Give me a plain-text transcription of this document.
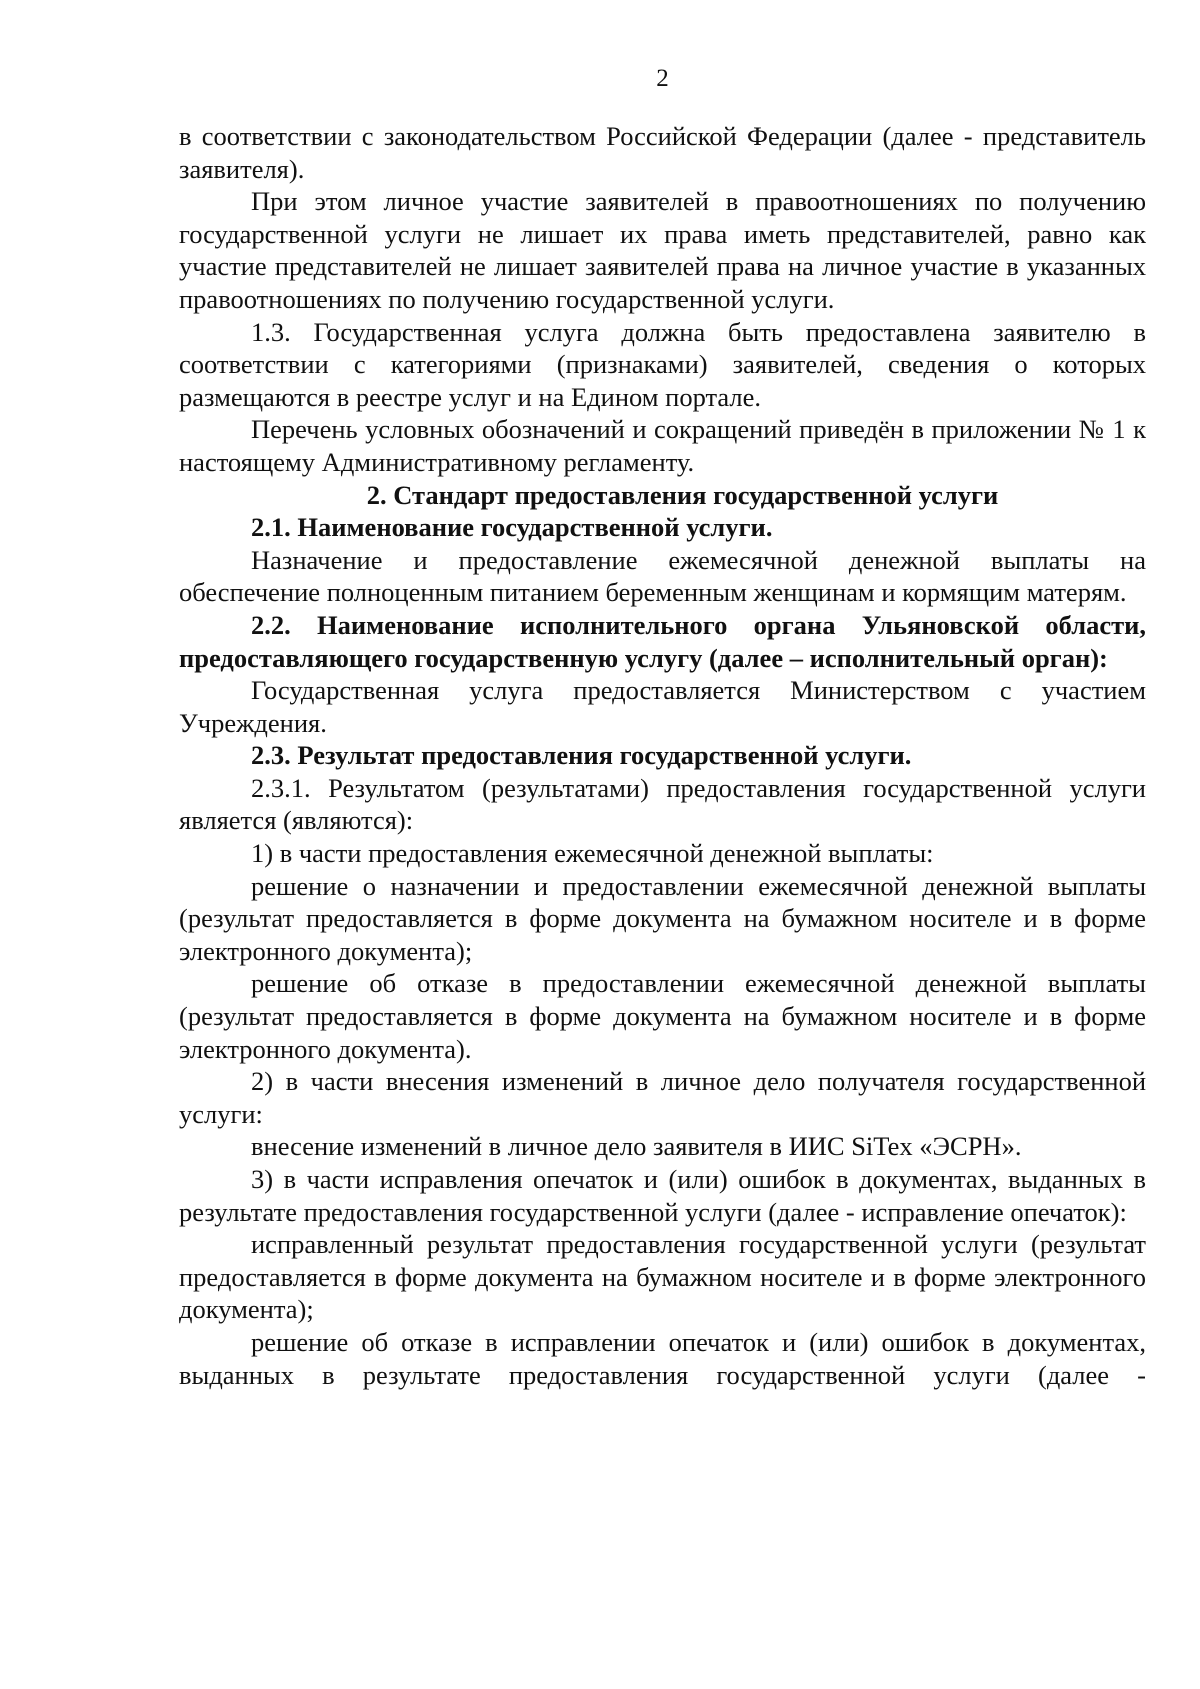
2

в соответствии с законодательством Российской Федерации (далее - представитель заявителя).

При этом личное участие заявителей в правоотношениях по получению государственной услуги не лишает их права иметь представителей, равно как участие представителей не лишает заявителей права на личное участие в указанных правоотношениях по получению государственной услуги.

1.3. Государственная услуга должна быть предоставлена заявителю в соответствии с категориями (признаками) заявителей, сведения о которых размещаются в реестре услуг и на Едином портале.

Перечень условных обозначений и сокращений приведён в приложении № 1 к настоящему Административному регламенту.

2. Стандарт предоставления государственной услуги

2.1. Наименование государственной услуги.

Назначение и предоставление ежемесячной денежной выплаты на обеспечение полноценным питанием беременным женщинам и кормящим матерям.

2.2. Наименование исполнительного органа Ульяновской области, предоставляющего государственную услугу (далее – исполнительный орган):

Государственная услуга предоставляется Министерством с участием Учреждения.

2.3. Результат предоставления государственной услуги.

2.3.1. Результатом (результатами) предоставления государственной услуги является (являются):

1) в части предоставления ежемесячной денежной выплаты:

решение о назначении и предоставлении ежемесячной денежной выплаты (результат предоставляется в форме документа на бумажном носителе и в форме электронного документа);

решение об отказе в предоставлении ежемесячной денежной выплаты (результат предоставляется в форме документа на бумажном носителе и в форме электронного документа).

2) в части внесения изменений в личное дело получателя государственной услуги:

внесение изменений в личное дело заявителя в ИИС SiTex «ЭСРН».

3) в части исправления опечаток и (или) ошибок в документах, выданных в результате предоставления государственной услуги (далее - исправление опечаток):

исправленный результат предоставления государственной услуги (результат предоставляется в форме документа на бумажном носителе и в форме электронного документа);

решение об отказе в исправлении опечаток и (или) ошибок в документах, выданных в результате предоставления государственной услуги (далее -
